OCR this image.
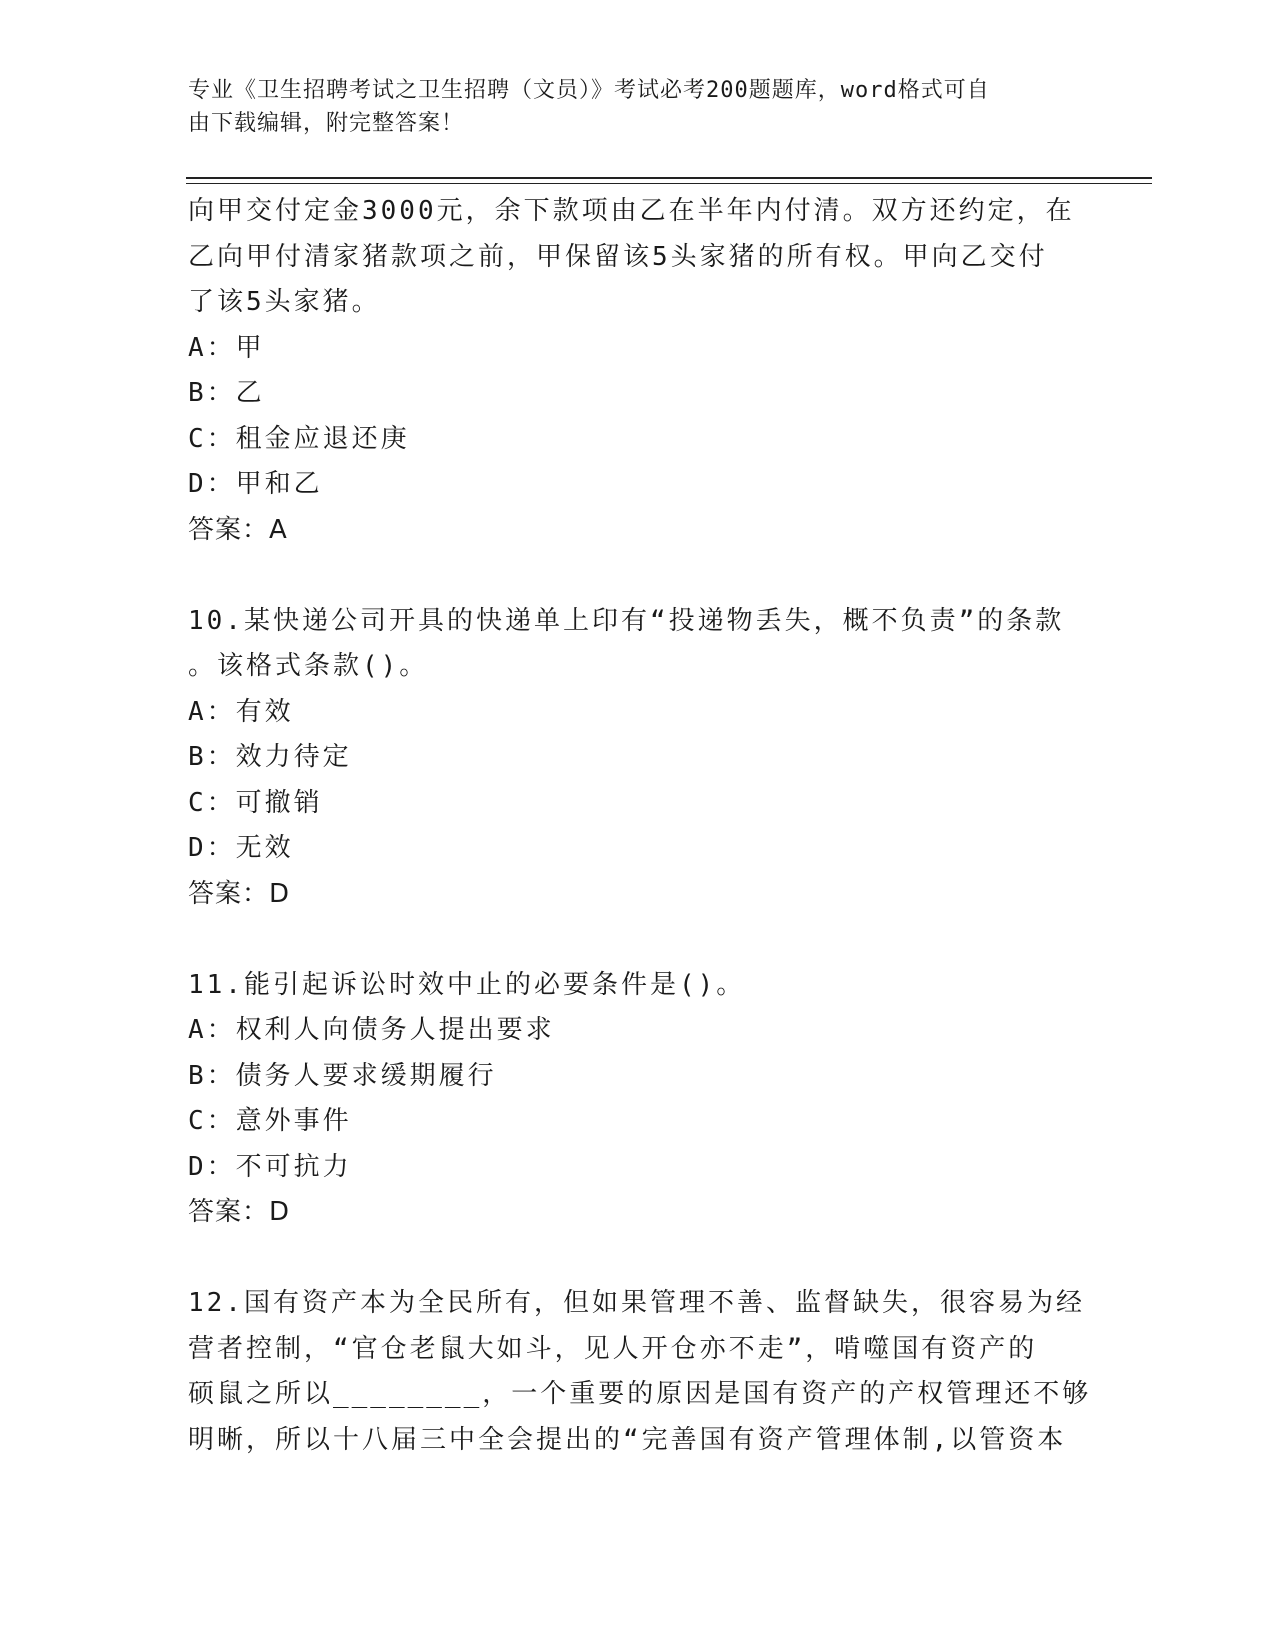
专业《卫生招聘考试之卫生招聘（文员）》考试必考200题题库，word格式可自
由下载编辑，附完整答案！
向甲交付定金3000元，余下款项由乙在半年内付清。双方还约定，在
乙向甲付清家猪款项之前，甲保留该5头家猪的所有权。甲向乙交付
了该5头家猪。
A：甲
B：乙
C：租金应退还庚
D：甲和乙
答案：A
10.某快递公司开具的快递单上印有“投递物丢失，概不负责”的条款
。该格式条款()。
A：有效
B：效力待定
C：可撤销
D：无效
答案：D
11.能引起诉讼时效中止的必要条件是()。
A：权利人向债务人提出要求
B：债务人要求缓期履行
C：意外事件
D：不可抗力
答案：D
12.国有资产本为全民所有，但如果管理不善、监督缺失，很容易为经
营者控制，“官仓老鼠大如斗，见人开仓亦不走”，啃噬国有资产的
硕鼠之所以________，一个重要的原因是国有资产的产权管理还不够
明晰，所以十八届三中全会提出的“完善国有资产管理体制,以管资本
